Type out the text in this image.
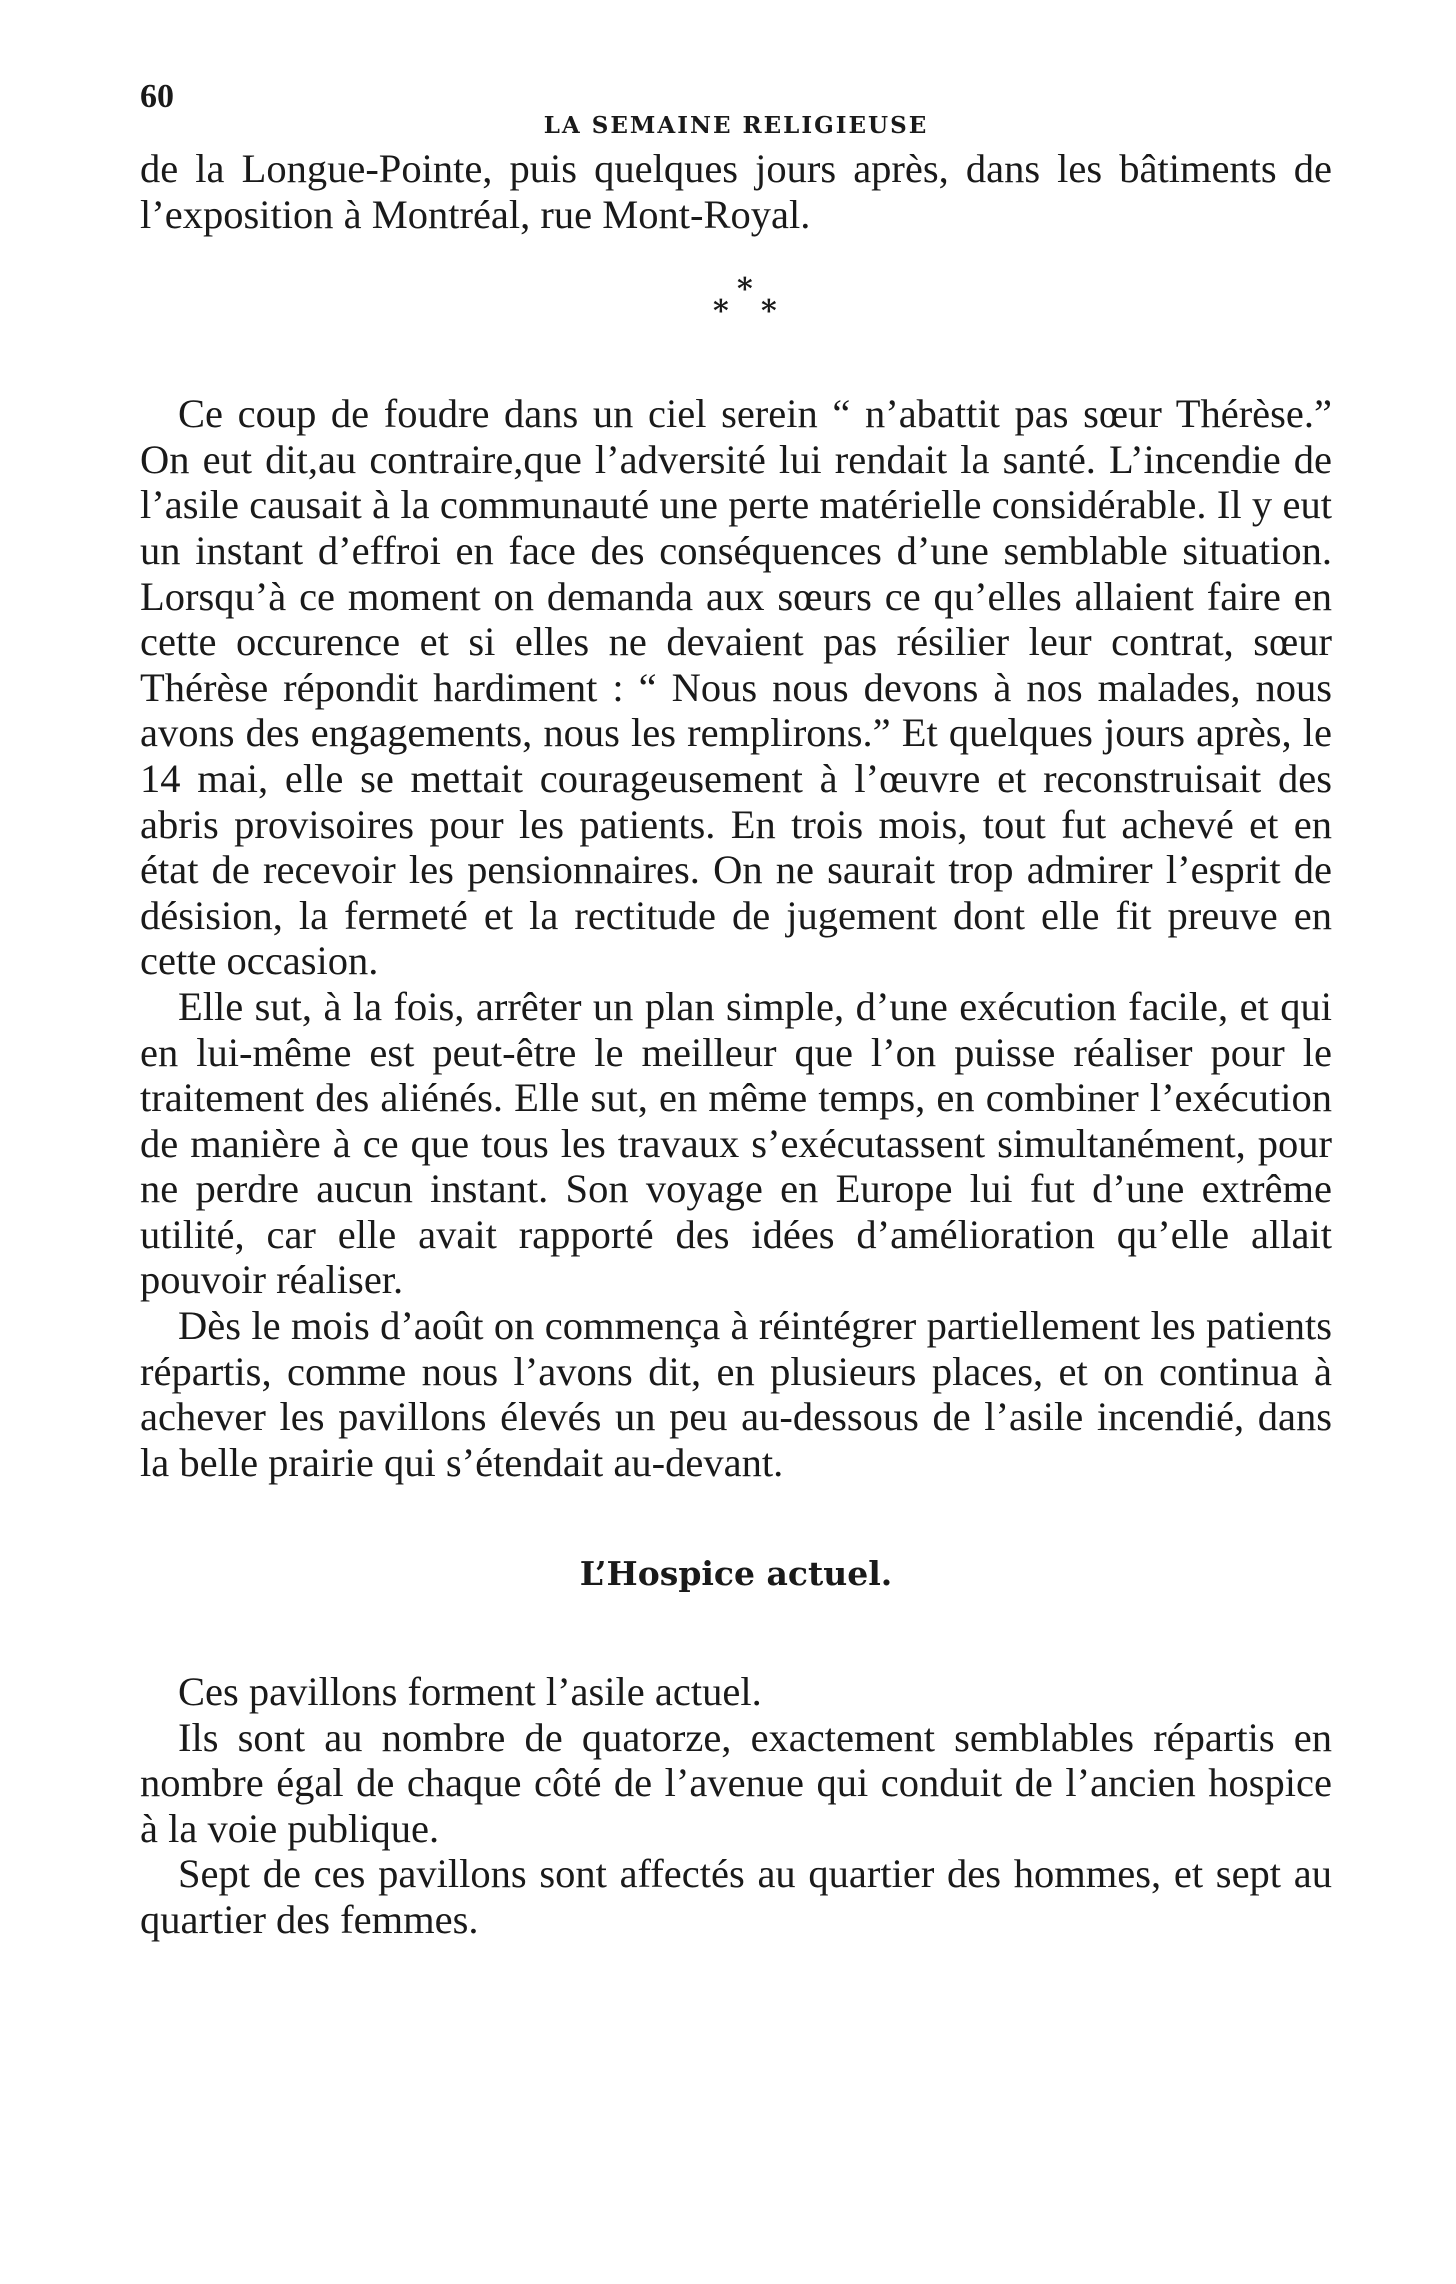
60
LA SEMAINE RELIGIEUSE

de la Longue-Pointe, puis quelques jours après, dans les bâtiments de l’exposition à Montréal, rue Mont-Royal.

*
* *

Ce coup de foudre dans un ciel serein “ n’abattit pas sœur Thérèse.” On eut dit,au contraire,que l’adversité lui rendait la santé. L’incendie de l’asile causait à la communauté une perte matérielle considérable. Il y eut un instant d’effroi en face des conséquences d’une semblable situation. Lorsqu’à ce moment on demanda aux sœurs ce qu’elles allaient faire en cette occurence et si elles ne devaient pas résilier leur contrat, sœur Thérèse répondit hardiment : “ Nous nous devons à nos malades, nous avons des engagements, nous les remplirons.” Et quelques jours après, le 14 mai, elle se mettait courageusement à l’œuvre et reconstruisait des abris provisoires pour les patients. En trois mois, tout fut achevé et en état de recevoir les pensionnaires. On ne saurait trop admirer l’esprit de désision, la fermeté et la rectitude de jugement dont elle fit preuve en cette occasion.

Elle sut, à la fois, arrêter un plan simple, d’une exécution facile, et qui en lui-même est peut-être le meilleur que l’on puisse réaliser pour le traitement des aliénés. Elle sut, en même temps, en combiner l’exécution de manière à ce que tous les travaux s’exécutassent simultanément, pour ne perdre aucun instant. Son voyage en Europe lui fut d’une extrême utilité, car elle avait rapporté des idées d’amélioration qu’elle allait pouvoir réaliser.

Dès le mois d’août on commença à réintégrer partiellement les patients répartis, comme nous l’avons dit, en plusieurs places, et on continua à achever les pavillons élevés un peu au-dessous de l’asile incendié, dans la belle prairie qui s’étendait au-devant.

L’Hospice actuel.

Ces pavillons forment l’asile actuel.

Ils sont au nombre de quatorze, exactement semblables répartis en nombre égal de chaque côté de l’avenue qui conduit de l’ancien hospice à la voie publique.

Sept de ces pavillons sont affectés au quartier des hommes, et sept au quartier des femmes.
